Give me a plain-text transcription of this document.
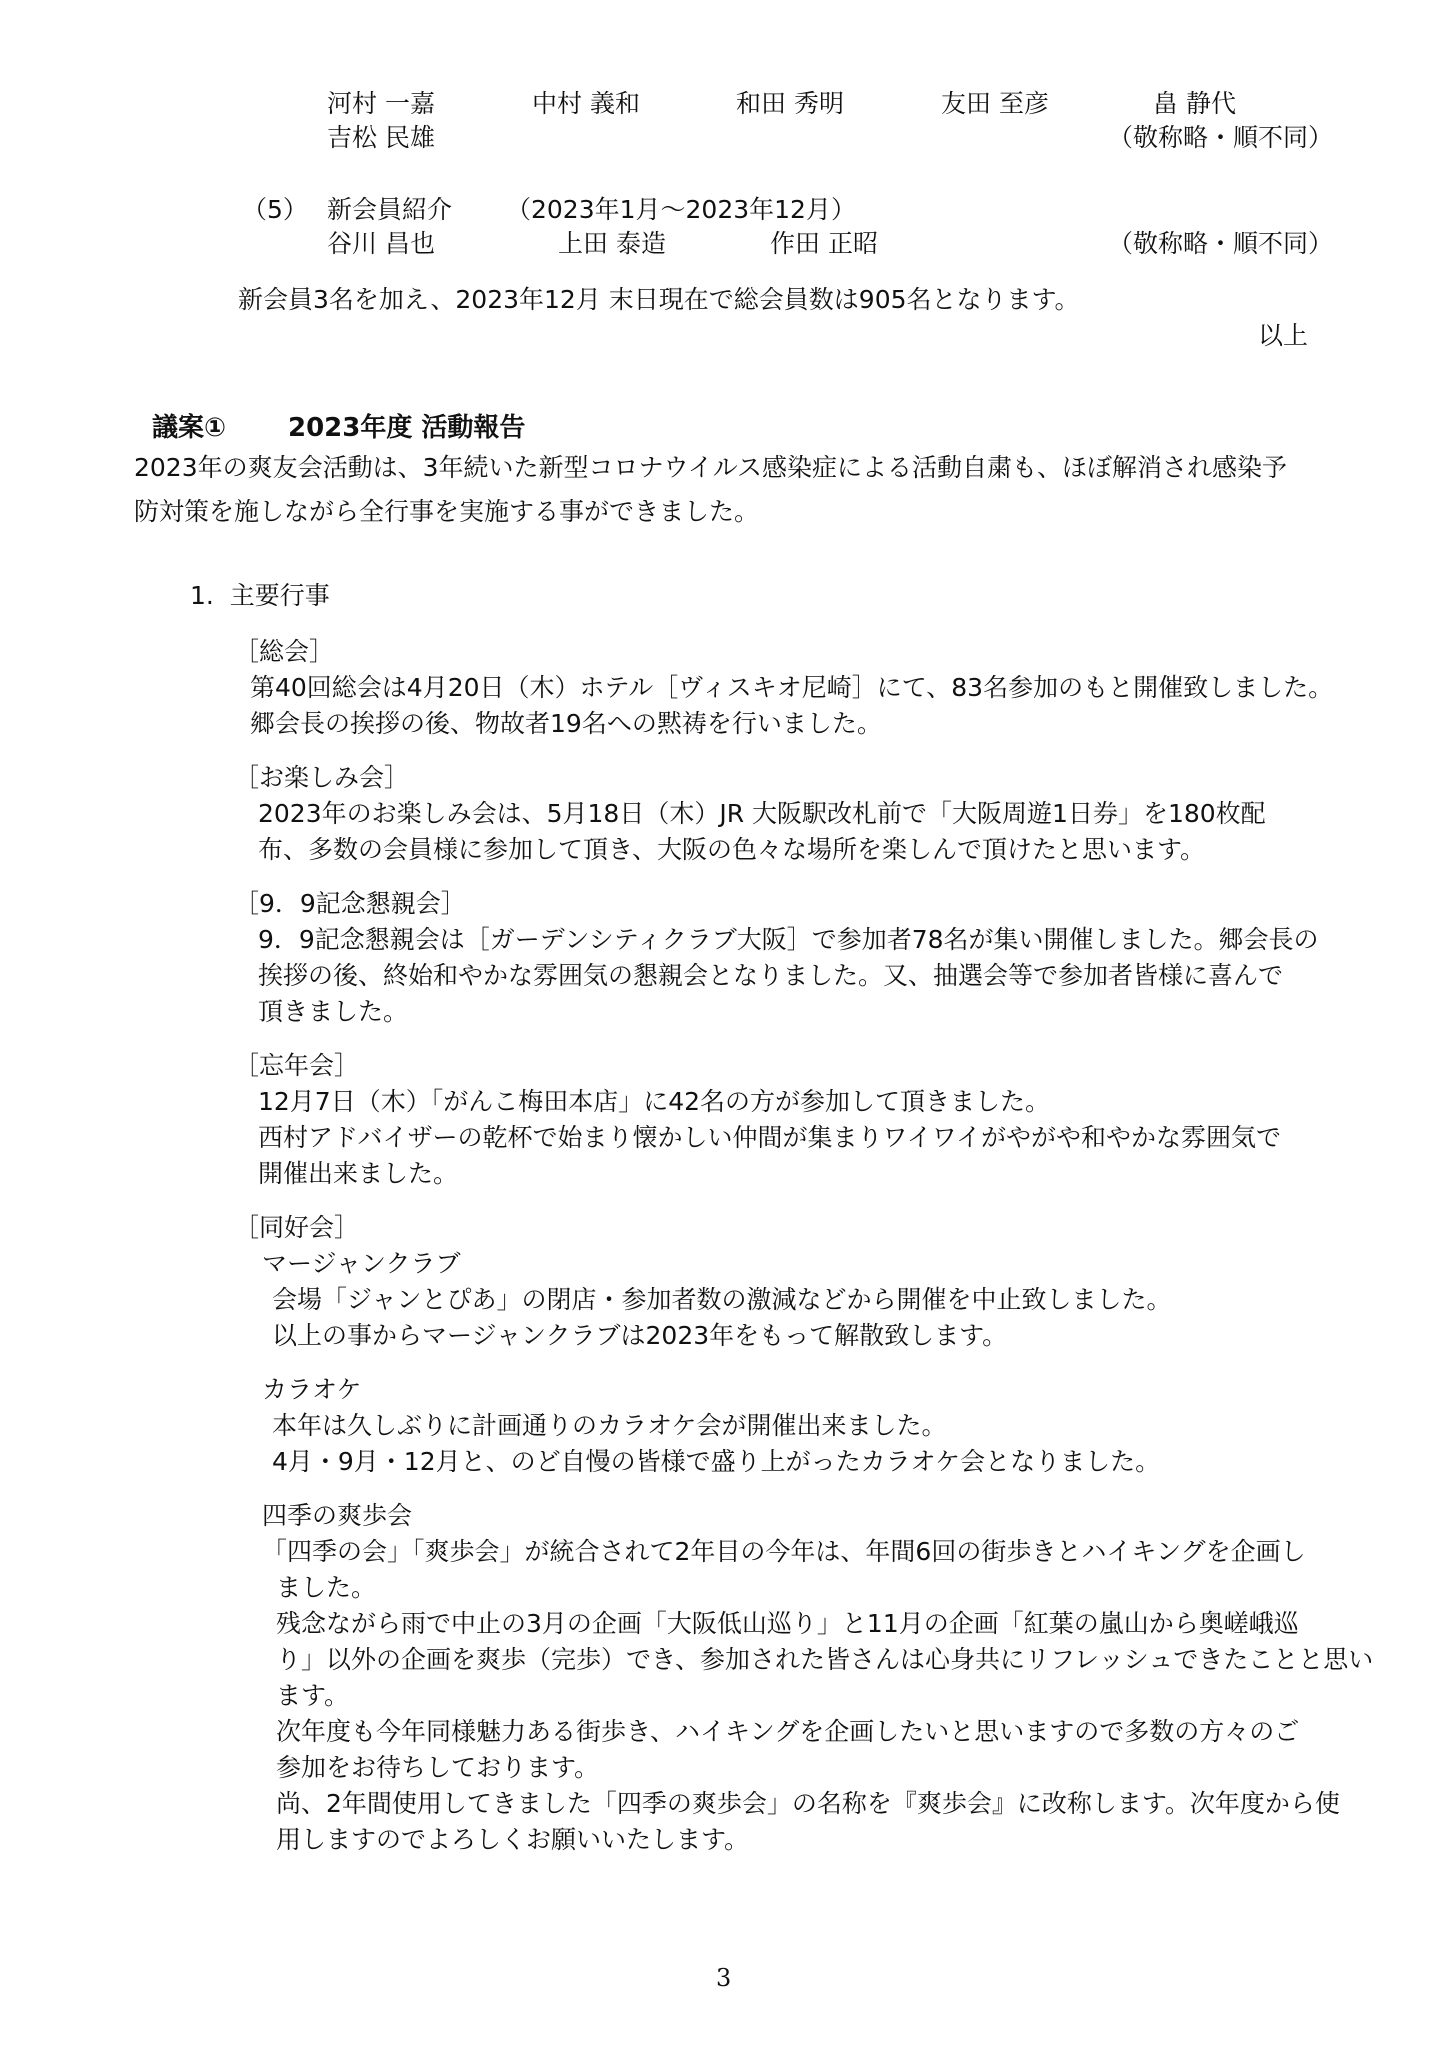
河村 一嘉	中村 義和	和田 秀明	友田 至彦	畠 静代
吉松 民雄	（敬称略・順不同）
（5） 新会員紹介 （2023年1月～2023年12月）
谷川 昌也	上田 泰造	作田 正昭	（敬称略・順不同）
新会員3名を加え、2023年12月 末日現在で総会員数は905名となります。
以上
議案① 2023年度 活動報告
2023年の爽友会活動は、3年続いた新型コロナウイルス感染症による活動自粛も、ほぼ解消され感染予
防対策を施しながら全行事を実施する事ができました。
1.  主要行事
［総会］
第40回総会は4月20日（木）ホテル［ヴィスキオ尼崎］にて、83名参加のもと開催致しました。
郷会長の挨拶の後、物故者19名への黙祷を行いました。
［お楽しみ会］
2023年のお楽しみ会は、5月18日（木）JR 大阪駅改札前で「大阪周遊1日券」を180枚配
布、多数の会員様に参加して頂き、大阪の色々な場所を楽しんで頂けたと思います。
［9．9記念懇親会］
9．9記念懇親会は［ガーデンシティクラブ大阪］で参加者78名が集い開催しました。郷会長の
挨拶の後、終始和やかな雰囲気の懇親会となりました。又、抽選会等で参加者皆様に喜んで
頂きました。
［忘年会］
12月7日（木）「がんこ梅田本店」に42名の方が参加して頂きました。
西村アドバイザーの乾杯で始まり懐かしい仲間が集まりワイワイがやがや和やかな雰囲気で
開催出来ました。
［同好会］
マージャンクラブ
会場「ジャンとぴあ」の閉店・参加者数の激減などから開催を中止致しました。
以上の事からマージャンクラブは2023年をもって解散致します。
カラオケ
本年は久しぶりに計画通りのカラオケ会が開催出来ました。
4月・9月・12月と、のど自慢の皆様で盛り上がったカラオケ会となりました。
四季の爽歩会
「四季の会」「爽歩会」が統合されて2年目の今年は、年間6回の街歩きとハイキングを企画し
ました。
残念ながら雨で中止の3月の企画「大阪低山巡り」と11月の企画「紅葉の嵐山から奥嵯峨巡
り」以外の企画を爽歩（完歩）でき、参加された皆さんは心身共にリフレッシュできたことと思い
ます。
次年度も今年同様魅力ある街歩き、ハイキングを企画したいと思いますので多数の方々のご
参加をお待ちしております。
尚、2年間使用してきました「四季の爽歩会」の名称を『爽歩会』に改称します。次年度から使
用しますのでよろしくお願いいたします。
3
